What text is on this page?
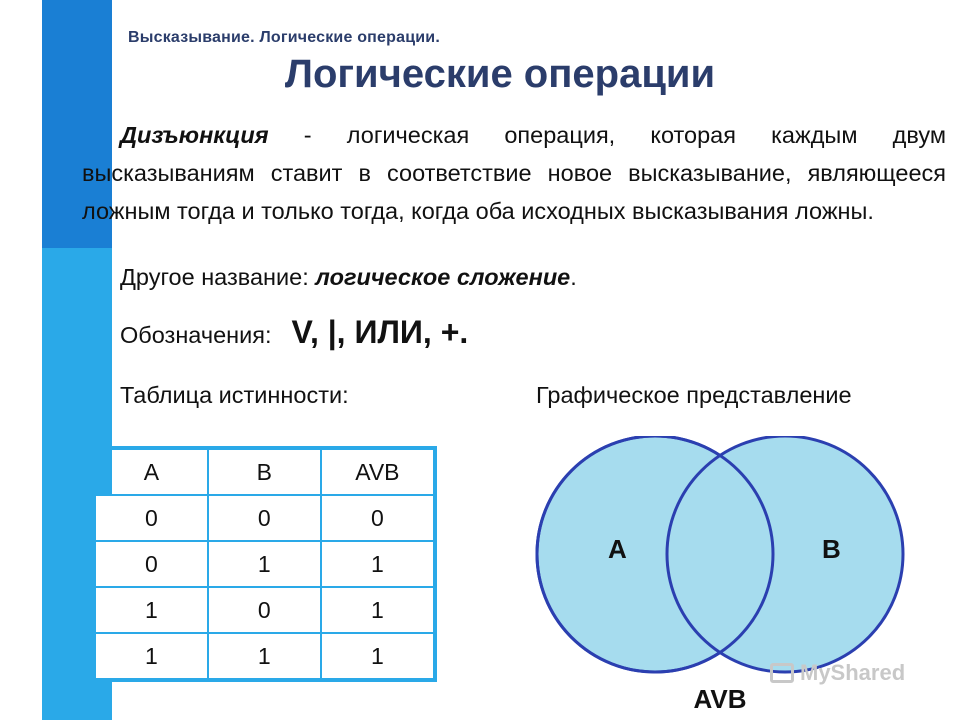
Высказывание. Логические операции.
Логические операции
Дизъюнкция - логическая операция, которая каждым двум высказываниям ставит в соответствие новое высказывание, являющееся ложным тогда и только тогда, когда оба исходных высказывания ложны.
Другое название: логическое сложение.
Обозначения: V, |, ИЛИ, +.
Таблица истинности:	Графическое представление
A	B	AVB
0	0	0
0	1	1
1	0	1
1	1	1
A	B
AVB
MyShared
